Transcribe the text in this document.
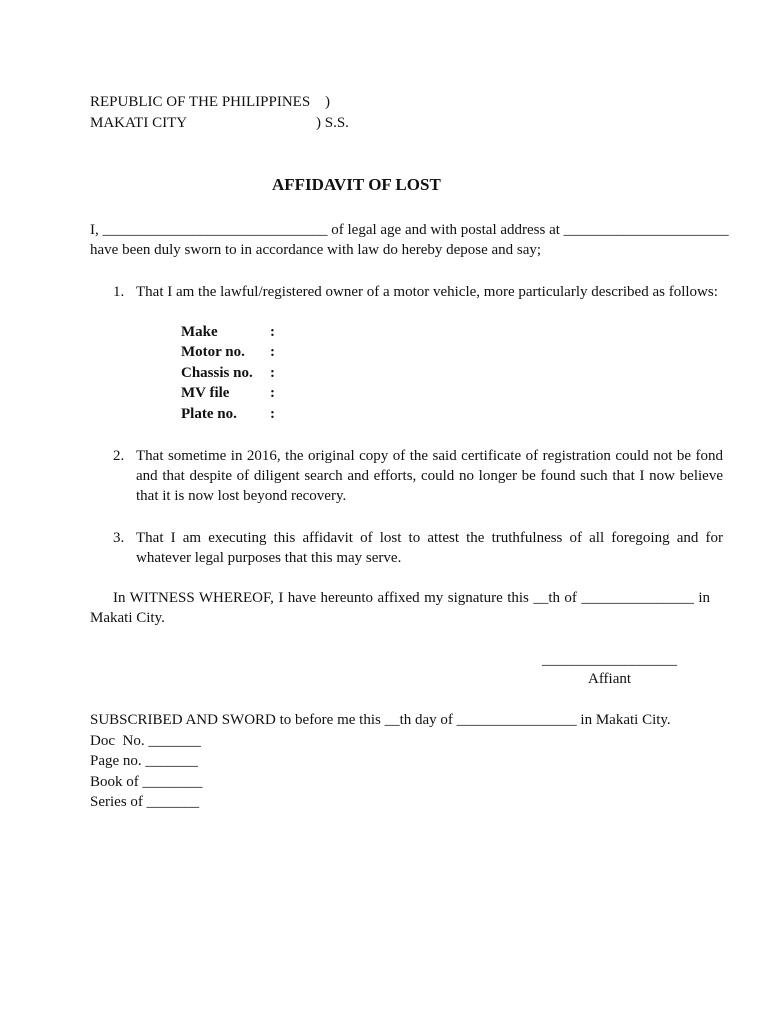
REPUBLIC OF THE PHILIPPINES )
MAKATI CITY	) S.S.
AFFIDAVIT OF LOST
I, ______________________________ of legal age and with postal address at ______________________
have been duly sworn to in accordance with law do hereby depose and say;
1. That I am the lawful/registered owner of a motor vehicle, more particularly described as follows:
Make	:
Motor no. :
Chassis no. :
MV file	:
Plate no. :
2. That sometime in 2016, the original copy of the said certificate of registration could not be fond
and that despite of diligent search and efforts, could no longer be found such that I now believe
that it is now lost beyond recovery.
3. That I am executing this affidavit of lost to attest the truthfulness of all foregoing and for
whatever legal purposes that this may serve.
In WITNESS WHEREOF, I have hereunto affixed my signature this __th of _______________ in
Makati City.
__________________
Affiant
SUBSCRIBED AND SWORD to before me this __th day of ________________ in Makati City.
Doc  No. _______
Page no. _______
Book of ________
Series of _______
